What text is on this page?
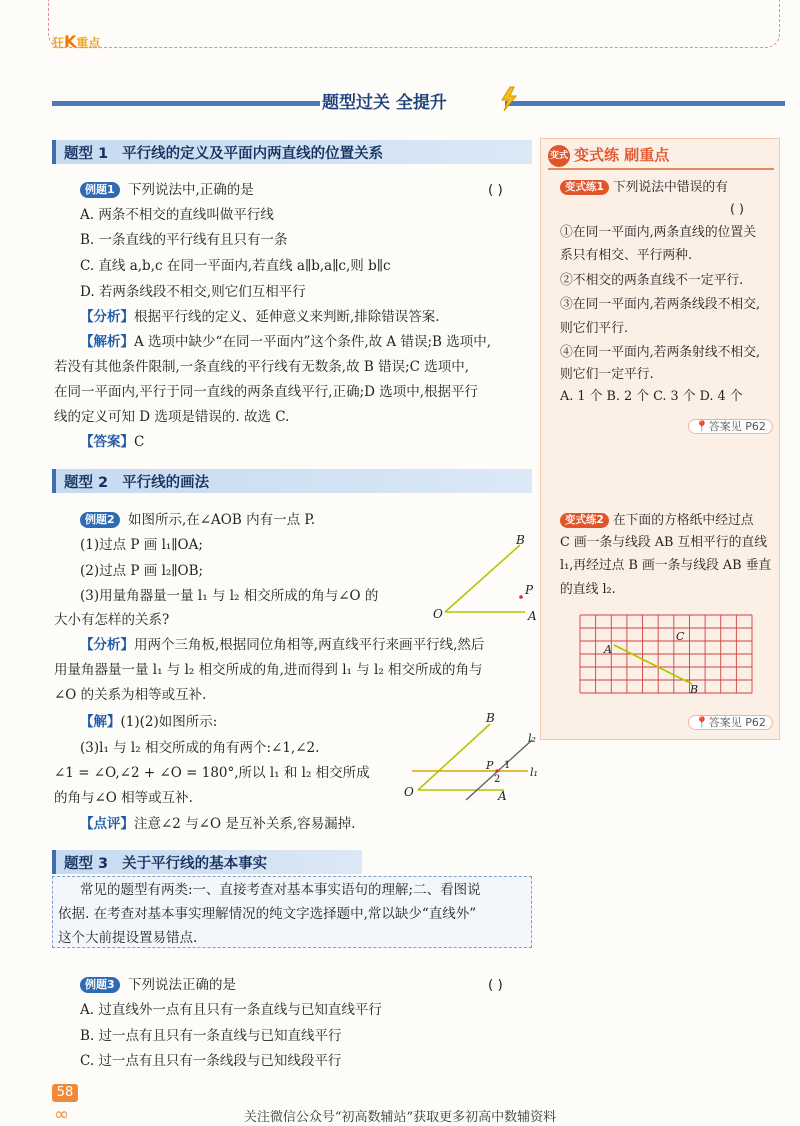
狂K重点
题型过关 全提升
题型 1 平行线的定义及平面内两直线的位置关系
例题1 下列说法中,正确的是	( )
A. 两条不相交的直线叫做平行线
B. 一条直线的平行线有且只有一条
C. 直线 a,b,c 在同一平面内,若直线 a∥b,a∥c,则 b∥c
D. 若两条线段不相交,则它们互相平行
【分析】根据平行线的定义、延伸意义来判断,排除错误答案.
【解析】A 选项中缺少“在同一平面内”这个条件,故 A 错误;B 选项中,
若没有其他条件限制,一条直线的平行线有无数条,故 B 错误;C 选项中,
在同一平面内,平行于同一直线的两条直线平行,正确;D 选项中,根据平行
线的定义可知 D 选项是错误的. 故选 C.
【答案】C
题型 2 平行线的画法
例题2 如图所示,在∠AOB 内有一点 P.
(1)过点 P 画 l₁∥OA;
(2)过点 P 画 l₂∥OB;
(3)用量角器量一量 l₁ 与 l₂ 相交所成的角与∠O 的
大小有怎样的关系?
B
O	A
P
【分析】用两个三角板,根据同位角相等,两直线平行来画平行线,然后
用量角器量一量 l₁ 与 l₂ 相交所成的角,进而得到 l₁ 与 l₂ 相交所成的角与
∠O 的关系为相等或互补.
【解】(1)(2)如图所示:
(3)l₁ 与 l₂ 相交所成的角有两个:∠1,∠2.
∠1 = ∠O,∠2 + ∠O = 180°,所以 l₁ 和 l₂ 相交所成
的角与∠O 相等或互补.
B
O	A
P
l₁
l₂
1
2
【点评】注意∠2 与∠O 是互补关系,容易漏掉.
题型 3 关于平行线的基本事实
常见的题型有两类:一、直接考查对基本事实语句的理解;二、看图说
依据. 在考查对基本事实理解情况的纯文字选择题中,常以缺少“直线外”
这个大前提设置易错点.
例题3 下列说法正确的是	( )
A. 过直线外一点有且只有一条直线与已知直线平行
B. 过一点有且只有一条直线与已知直线平行
C. 过一点有且只有一条线段与已知线段平行
变式 变式练 刷重点
变式练1 下列说法中错误的有
( )
①在同一平面内,两条直线的位置关
系只有相交、平行两种.
②不相交的两条直线不一定平行.
③在同一平面内,若两条线段不相交,
则它们平行.
④在同一平面内,若两条射线不相交,
则它们一定平行.
A. 1 个 B. 2 个 C. 3 个 D. 4 个
📍答案见 P62
变式练2 在下面的方格纸中经过点
C 画一条与线段 AB 互相平行的直线
l₁,再经过点 B 画一条与线段 AB 垂直
的直线 l₂.
A
B
C
📍答案见 P62
58
∞	关注微信公众号“初高数辅站”获取更多初高中数辅资料
